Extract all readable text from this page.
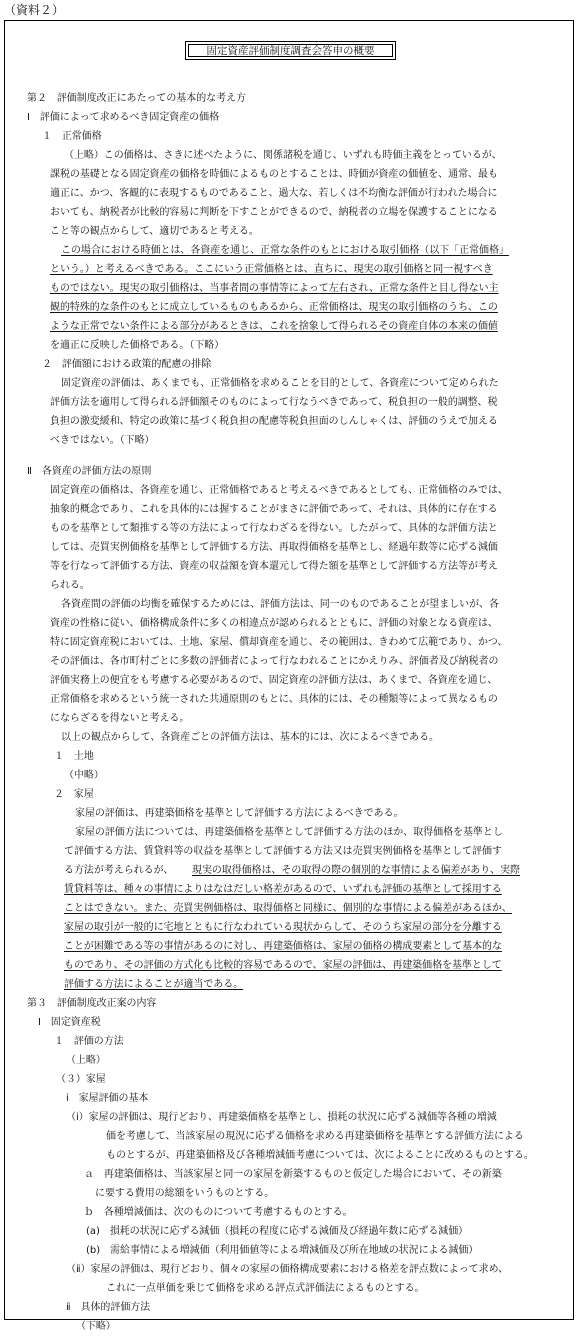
（資料２）
固定資産評価制度調査会答申の概要
第２　評価制度改正にあたっての基本的な考え方
Ⅰ　評価によって求めるべき固定資産の価格
１　正常価格
（上略）この価格は、さきに述べたように、関係諸税を通じ、いずれも時価主義をとっているが、
課税の基礎となる固定資産の価格を時価によるものとすることは、時価が資産の価値を、通常、最も
適正に、かつ、客観的に表現するものであること、過大な、若しくは不均衡な評価が行われた場合に
おいても、納税者が比較的容易に判断を下すことができるので、納税者の立場を保護することになる
こと等の観点からして、適切であると考える。
この場合における時価とは、各資産を通じ、正常な条件のもとにおける取引価格（以下「正常価格」
という。）と考えるべきである。ここにいう正常価格とは、直ちに、現実の取引価格と同一視すべき
ものではない。現実の取引価格は、当事者間の事情等によって左右され、正常な条件と目し得ない主
観的特殊的な条件のもとに成立しているものもあるから、正常価格は、現実の取引価格のうち、この
ような正常でない条件による部分があるときは、これを捨象して得られるその資産自体の本来の価値
を適正に反映した価格である。（下略）
２　評価額における政策的配慮の排除
固定資産の評価は、あくまでも、正常価格を求めることを目的として、各資産について定められた
評価方法を適用して得られる評価額そのものによって行なうべきであって、税負担の一般的調整、税
負担の激変緩和、特定の政策に基づく税負担の配慮等税負担面のしんしゃくは、評価のうえで加える
べきではない。（下略）
Ⅱ　各資産の評価方法の原則
固定資産の価格は、各資産を通じ、正常価格であると考えるべきであるとしても、正常価格のみでは、
抽象的概念であり、これを具体的には握することがまさに評価であって、それは、具体的に存在する
ものを基準として類推する等の方法によって行なわざるを得ない。したがって、具体的な評価方法と
しては、売買実例価格を基準として評価する方法、再取得価格を基準とし、経過年数等に応ずる減価
等を行なって評価する方法、資産の収益額を資本還元して得た額を基準として評価する方法等が考え
られる。
各資産間の評価の均衡を確保するためには、評価方法は、同一のものであることが望ましいが、各
資産の性格に従い、価格構成条件に多くの相違点が認められるとともに、評価の対象となる資産は、
特に固定資産税においては、土地、家屋、償却資産を通じ、その範囲は、きわめて広範であり、かつ、
その評価は、各市町村ごとに多数の評価者によって行なわれることにかえりみ、評価者及び納税者の
評価実務上の便宜をも考慮する必要があるので、固定資産の評価方法は、あくまで、各資産を通じ、
正常価格を求めるという統一された共通原則のもとに、具体的には、その種類等によって異なるもの
にならざるを得ないと考える。
以上の観点からして、各資産ごとの評価方法は、基本的には、次によるべきである。
１　土地
（中略）
２　家屋
家屋の評価は、再建築価格を基準として評価する方法によるべきである。
家屋の評価方法については、再建築価格を基準として評価する方法のほか、取得価格を基準とし
て評価する方法、賃貸料等の収益を基準として評価する方法又は売買実例価格を基準として評価す
る方法が考えられるが、	現実の取得価格は、その取得の際の個別的な事情による偏差があり、実際
賃貸料等は、種々の事情によりはなはだしい格差があるので、いずれも評価の基準として採用する
ことはできない。また、売買実例価格は、取得価格と同様に、個別的な事情による偏差があるほか、
家屋の取引が一般的に宅地とともに行なわれている現状からして、そのうち家屋の部分を分離する
ことが困難である等の事情があるのに対し、再建築価格は、家屋の価格の構成要素として基本的な
ものであり、その評価の方式化も比較的容易であるので、家屋の評価は、再建築価格を基準として
評価する方法によることが適当である。
第３　評価制度改正案の内容
Ⅰ　固定資産税
１　評価の方法
（上略）
（３）家屋
ⅰ　家屋評価の基本
（ⅰ）家屋の評価は、現行どおり、再建築価格を基準とし、損耗の状況に応ずる減価等各種の増減
価を考慮して、当該家屋の現況に応ずる価格を求める再建築価格を基準とする評価方法による
ものとするが、再建築価格及び各種増減価考慮については、次によることに改めるものとする。
ａ　再建築価格は、当該家屋と同一の家屋を新築するものと仮定した場合において、その新築
に要する費用の総額をいうものとする。
ｂ　各種増減価は、次のものについて考慮するものとする。
(a)　損耗の状況に応ずる減価（損耗の程度に応ずる減価及び経過年数に応ずる減価）
(b)　需給事情による増減価（利用価値等による増減価及び所在地域の状況による減価）
（ⅱ）家屋の評価は、現行どおり、個々の家屋の価格構成要素における格差を評点数によって求め、
これに一点単価を乗じて価格を求める評点式評価法によるものとする。
ⅱ　具体的評価方法
（下略）
